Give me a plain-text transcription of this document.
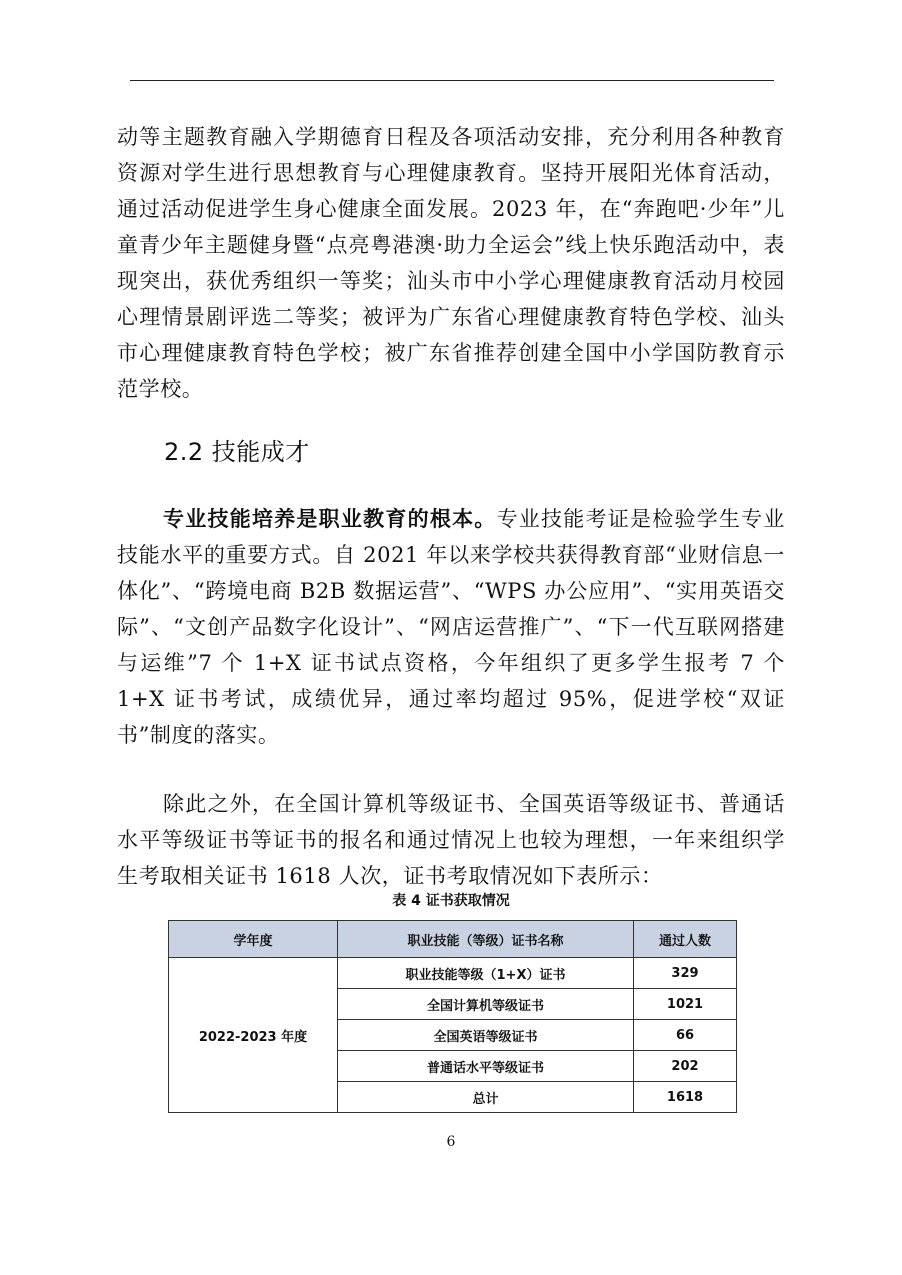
动等主题教育融入学期德育日程及各项活动安排，充分利用各种教育资源对学生进行思想教育与心理健康教育。坚持开展阳光体育活动，通过活动促进学生身心健康全面发展。2023 年，在“奔跑吧·少年”儿童青少年主题健身暨“点亮粤港澳·助力全运会”线上快乐跑活动中，表现突出，获优秀组织一等奖；汕头市中小学心理健康教育活动月校园心理情景剧评选二等奖；被评为广东省心理健康教育特色学校、汕头市心理健康教育特色学校；被广东省推荐创建全国中小学国防教育示范学校。

2.2 技能成才

专业技能培养是职业教育的根本。专业技能考证是检验学生专业技能水平的重要方式。自 2021 年以来学校共获得教育部“业财信息一体化”、“跨境电商 B2B 数据运营”、“WPS 办公应用”、“实用英语交际”、“文创产品数字化设计”、“网店运营推广”、“下一代互联网搭建与运维”7 个 1+X 证书试点资格，今年组织了更多学生报考 7 个 1+X 证书考试，成绩优异，通过率均超过 95%，促进学校“双证书”制度的落实。

除此之外，在全国计算机等级证书、全国英语等级证书、普通话水平等级证书等证书的报名和通过情况上也较为理想，一年来组织学生考取相关证书 1618 人次，证书考取情况如下表所示：

表 4 证书获取情况

学年度	职业技能（等级）证书名称	通过人数
2022-2023 年度	职业技能等级（1+X）证书	329
	全国计算机等级证书	1021
	全国英语等级证书	66
	普通话水平等级证书	202
	总计	1618

6
